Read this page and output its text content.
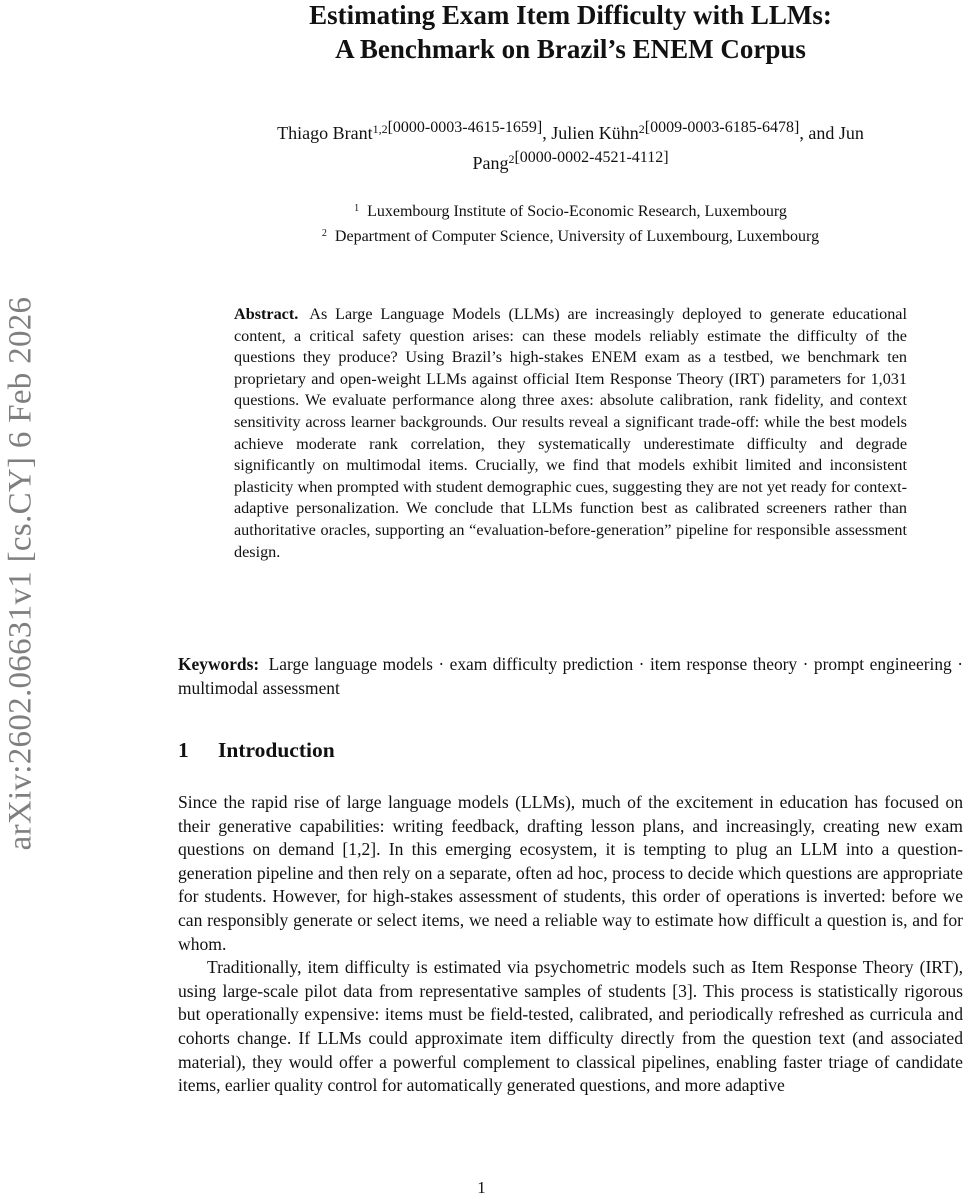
arXiv:2602.06631v1 [cs.CY] 6 Feb 2026
Estimating Exam Item Difficulty with LLMs:
A Benchmark on Brazil’s ENEM Corpus
Thiago Brant$^{1,2[0000-0003-4615-1659]}$, Julien Kühn$^{2[0009-0003-6185-6478]}$, and Jun
Pang$^{2[0000-0002-4521-4112]}$
$^1$ Luxembourg Institute of Socio-Economic Research, Luxembourg
$^2$ Department of Computer Science, University of Luxembourg, Luxembourg

Abstract. As Large Language Models (LLMs) are increasingly deployed to generate educational content, a critical safety question arises: can these models reliably estimate the difficulty of the questions they produce? Using Brazil’s high-stakes ENEM exam as a testbed, we benchmark ten proprietary and open-weight LLMs against official Item Response Theory (IRT) parameters for 1,031 questions. We evaluate performance along three axes: absolute calibration, rank fidelity, and context sensitivity across learner backgrounds. Our results reveal a significant trade-off: while the best models achieve moderate rank correlation, they systematically underestimate difficulty and degrade significantly on multimodal items. Crucially, we find that models exhibit limited and inconsistent plasticity when prompted with student demographic cues, suggesting they are not yet ready for context-adaptive personalization. We conclude that LLMs function best as calibrated screeners rather than authoritative oracles, supporting an “evaluation-before-generation” pipeline for responsible assessment design.

Keywords: Large language models · exam difficulty prediction · item response theory · prompt engineering · multimodal assessment

1 Introduction

Since the rapid rise of large language models (LLMs), much of the excitement in education has focused on their generative capabilities: writing feedback, drafting lesson plans, and increasingly, creating new exam questions on demand [1,2]. In this emerging ecosystem, it is tempting to plug an LLM into a question-generation pipeline and then rely on a separate, often ad hoc, process to decide which questions are appropriate for students. However, for high-stakes assessment of students, this order of operations is inverted: before we can responsibly generate or select items, we need a reliable way to estimate how difficult a question is, and for whom.

Traditionally, item difficulty is estimated via psychometric models such as Item Response Theory (IRT), using large-scale pilot data from representative samples of students [3]. This process is statistically rigorous but operationally expensive: items must be field-tested, calibrated, and periodically refreshed as curricula and cohorts change. If LLMs could approximate item difficulty directly from the question text (and associated material), they would offer a powerful complement to classical pipelines, enabling faster triage of candidate items, earlier quality control for automatically generated questions, and more adaptive

1
